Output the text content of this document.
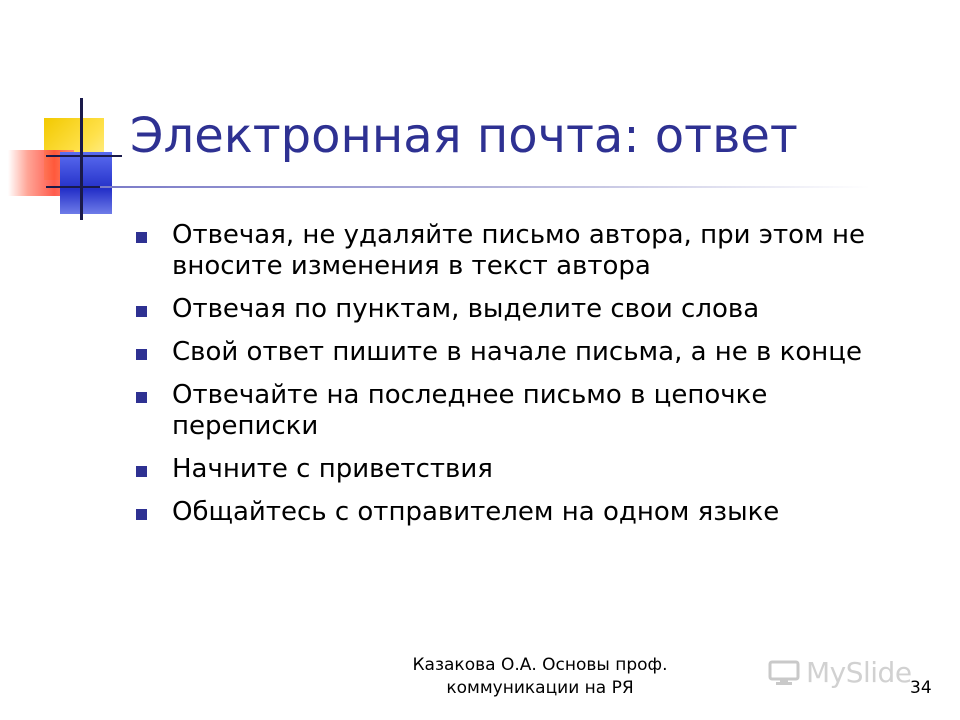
Электронная почта: ответ
Отвечая, не удаляйте письмо автора, при этом не вносите изменения в текст автора
Отвечая по пунктам, выделите свои слова
Свой ответ пишите в начале письма, а не в конце
Отвечайте на последнее письмо в цепочке переписки
Начните с приветствия
Общайтесь с отправителем на одном языке
Казакова О.А. Основы проф.
коммуникации на РЯ	34
MySlide
